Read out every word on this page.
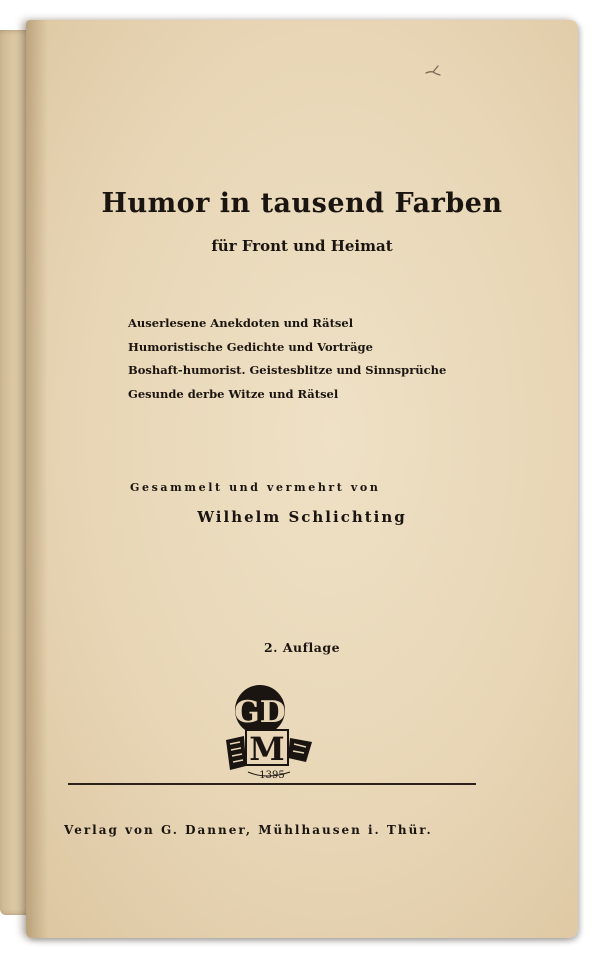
Humor in tausend Farben
für Front und Heimat
Auserlesene Anekdoten und Rätsel
Humoristische Gedichte und Vorträge
Boshaft-humorist. Geistesblitze und Sinnsprüche
Gesunde derbe Witze und Rätsel
Gesammelt und vermehrt von
Wilhelm Schlichting
2. Auflage
GD
M
1395
Verlag von G. Danner, Mühlhausen i. Thür.
